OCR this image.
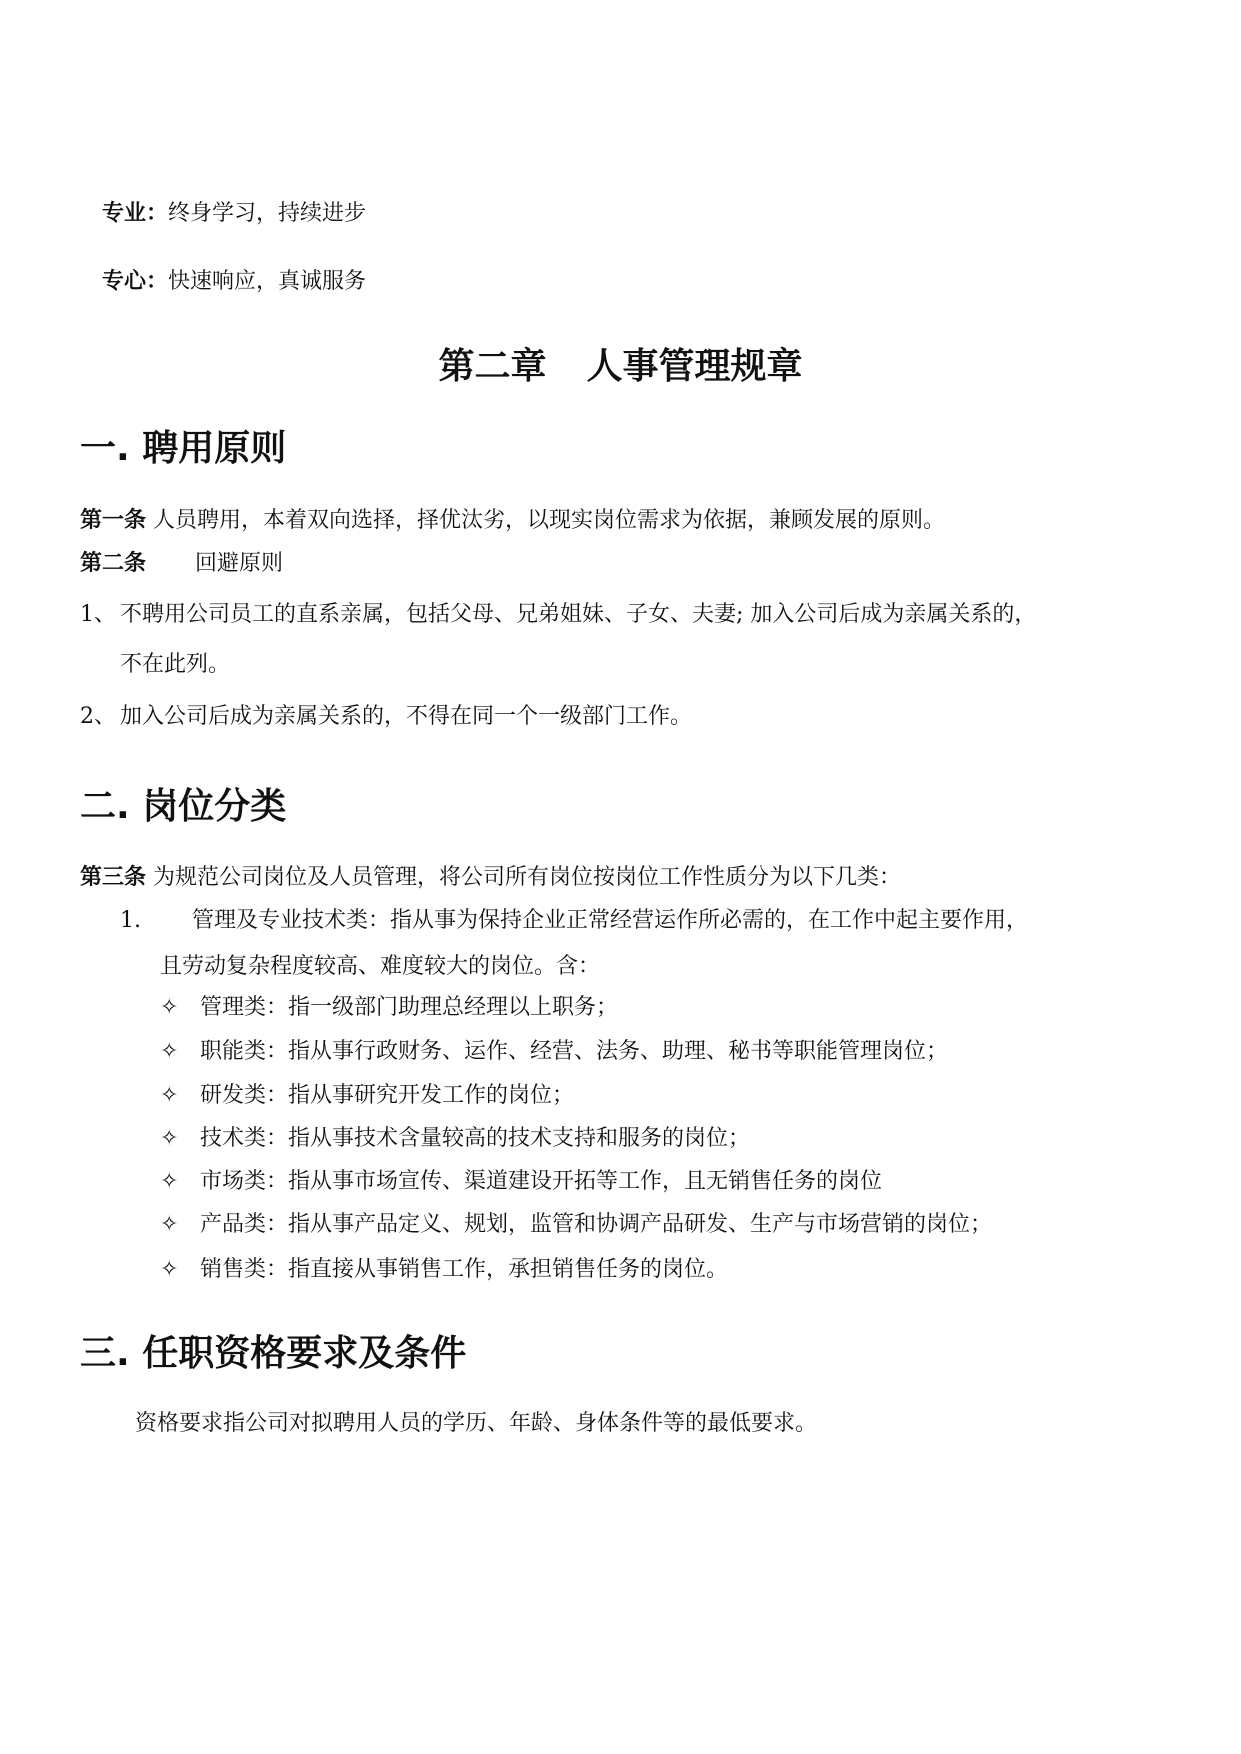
专业：终身学习，持续进步
专心：快速响应，真诚服务
第二章 人事管理规章
一. 聘用原则
第一条 人员聘用，本着双向选择，择优汰劣，以现实岗位需求为依据，兼顾发展的原则。
第二条 回避原则
1、 不聘用公司员工的直系亲属，包括父母、兄弟姐妹、子女、夫妻; 加入公司后成为亲属关系的，
不在此列。
2、 加入公司后成为亲属关系的，不得在同一个一级部门工作。
二. 岗位分类
第三条 为规范公司岗位及人员管理，将公司所有岗位按岗位工作性质分为以下几类：
1. 管理及专业技术类：指从事为保持企业正常经营运作所必需的，在工作中起主要作用，
且劳动复杂程度较高、难度较大的岗位。含：
✧ 管理类：指一级部门助理总经理以上职务；
✧ 职能类：指从事行政财务、运作、经营、法务、助理、秘书等职能管理岗位；
✧ 研发类：指从事研究开发工作的岗位；
✧ 技术类：指从事技术含量较高的技术支持和服务的岗位；
✧ 市场类：指从事市场宣传、渠道建设开拓等工作，且无销售任务的岗位
✧ 产品类：指从事产品定义、规划，监管和协调产品研发、生产与市场营销的岗位；
✧ 销售类：指直接从事销售工作，承担销售任务的岗位。
三. 任职资格要求及条件
资格要求指公司对拟聘用人员的学历、年龄、身体条件等的最低要求。
